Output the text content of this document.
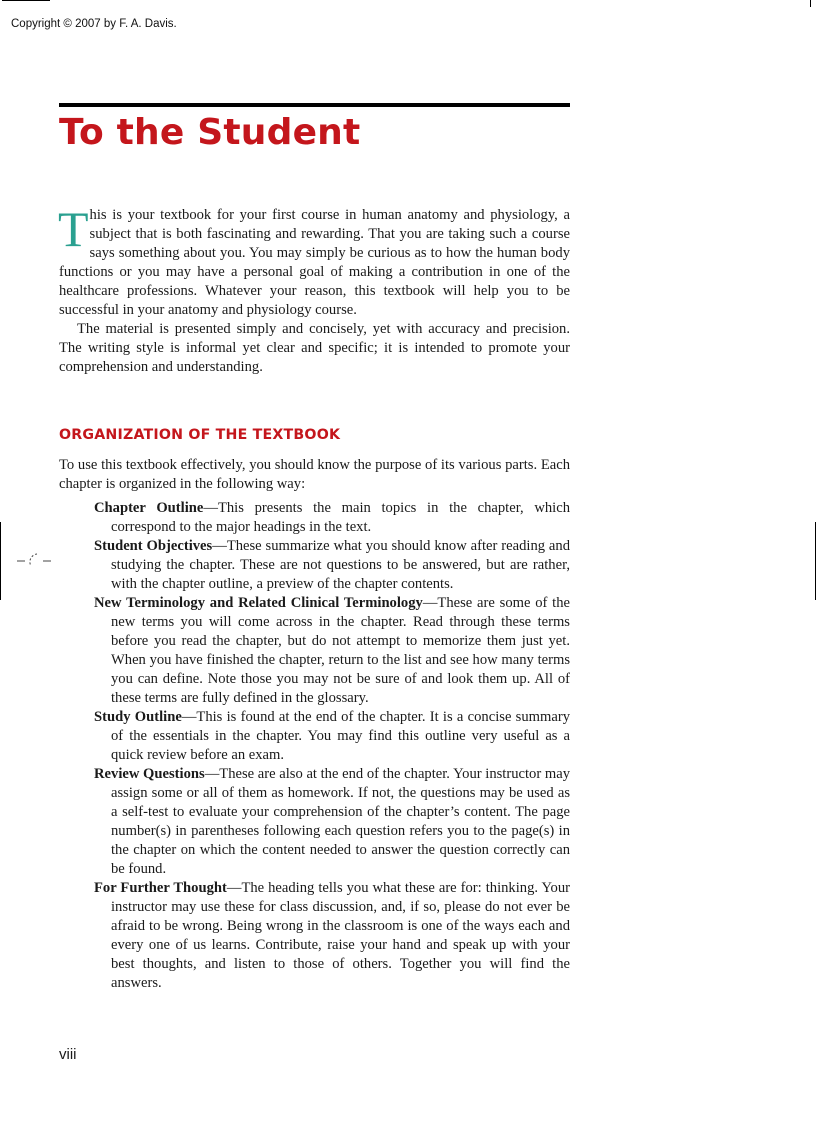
Copyright © 2007 by F. A. Davis.
To the Student

This is your textbook for your first course in human anatomy and physiology, a subject that is both fascinating and rewarding. That you are taking such a course says something about you. You may simply be curious as to how the human body functions or you may have a personal goal of making a contribution in one of the healthcare professions. Whatever your reason, this textbook will help you to be successful in your anatomy and physiology course.

The material is presented simply and concisely, yet with accuracy and precision. The writing style is informal yet clear and specific; it is intended to promote your comprehension and understanding.

ORGANIZATION OF THE TEXTBOOK

To use this textbook effectively, you should know the purpose of its various parts. Each chapter is organized in the following way:

Chapter Outline—This presents the main topics in the chapter, which correspond to the major headings in the text.

Student Objectives—These summarize what you should know after reading and studying the chapter. These are not questions to be answered, but are rather, with the chapter outline, a preview of the chapter contents.

New Terminology and Related Clinical Terminology—These are some of the new terms you will come across in the chapter. Read through these terms before you read the chapter, but do not attempt to memorize them just yet. When you have finished the chapter, return to the list and see how many terms you can define. Note those you may not be sure of and look them up. All of these terms are fully defined in the glossary.

Study Outline—This is found at the end of the chapter. It is a concise summary of the essentials in the chapter. You may find this outline very useful as a quick review before an exam.

Review Questions—These are also at the end of the chapter. Your instructor may assign some or all of them as homework. If not, the questions may be used as a self-test to evaluate your comprehension of the chapter’s content. The page number(s) in parentheses following each question refers you to the page(s) in the chapter on which the content needed to answer the question correctly can be found.

For Further Thought—The heading tells you what these are for: thinking. Your instructor may use these for class discussion, and, if so, please do not ever be afraid to be wrong. Being wrong in the classroom is one of the ways each and every one of us learns. Contribute, raise your hand and speak up with your best thoughts, and listen to those of others. Together you will find the answers.

viii
